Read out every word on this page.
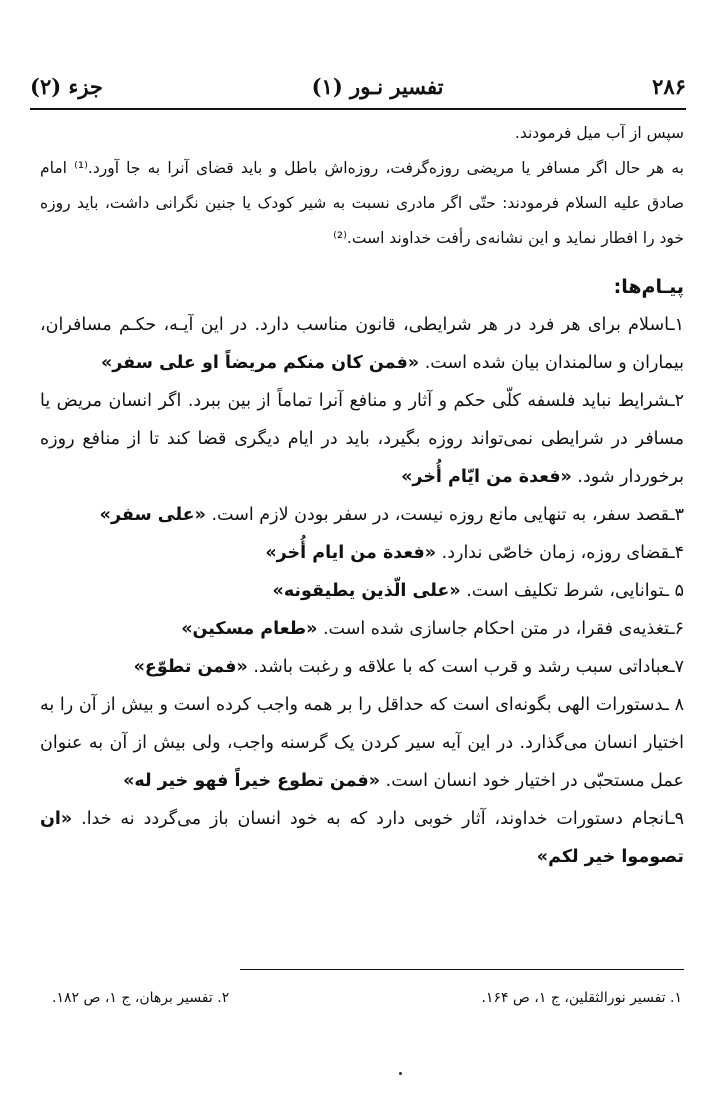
جزء (۲)	تفسیر نـور (۱)	۲۸۶

سپس از آب میل فرمودند.

به هر حال اگر مسافر یا مریضی روزه‌گرفت، روزه‌اش باطل و باید قضای آنرا به جا آورد.⁽¹⁾ امام صادق علیه السلام فرمودند: حتّی اگر مادری نسبت به شیر کودک یا جنین نگرانی داشت، باید روزه خود را افطار نماید و این نشانه‌ی رأفت خداوند است.⁽²⁾

پیـام‌ها:

۱ـاسلام برای هر فرد در هر شرایطی، قانون مناسب دارد. در این آیـه، حکـم مسافران، بیماران و سالمندان بیان شده است. «فمن كان منكم مريضاً او على سفر»

۲ـشرایط نباید فلسفه کلّی حکم و آثار و منافع آنرا تماماً از بین ببرد. اگر انسان مریض یا مسافر در شرایطی نمی‌تواند روزه بگیرد، باید در ایام دیگری قضا کند تا از منافع روزه برخوردار شود. «فعدة من ايّام أُخر»

۳ـقصد سفر، به تنهایی مانع روزه نیست، در سفر بودن لازم است. «على سفر»

۴ـقضای روزه، زمان خاصّی ندارد. «فعدة من ايام أُخر»

۵ ـتوانایی، شرط تکلیف است. «على الّذين يطيقونه»

۶ـتغذیه‌ی فقرا، در متن احکام جاسازی شده است. «طعام مسكين»

۷ـعباداتی سبب رشد و قرب است که با علاقه و رغبت باشد. «فمن تطوّع»

۸ ـدستورات الهی بگونه‌ای است که حداقل را بر همه واجب کرده است و بیش از آن را به اختیار انسان می‌گذارد. در این آیه سیر کردن یک گرسنه واجب، ولی بیش از آن به عنوان عمل مستحبّی در اختیار خود انسان است. «فمن تطوع خيراً فهو خير له»

۹ـانجام دستورات خداوند، آثار خوبی دارد که به خود انسان باز می‌گردد نه خدا. «ان تصوموا خير لكم»

۱. تفسیر نورالثقلین، ج ۱، ص ۱۶۴.
۲. تفسیر برهان، ج ۱، ص ۱۸۲.
